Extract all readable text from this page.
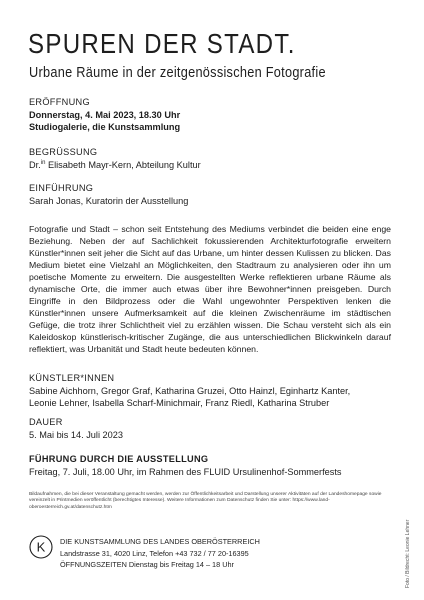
SPUREN DER STADT.
Urbane Räume in der zeitgenössischen Fotografie
ERÖFFNUNG
Donnerstag, 4. Mai 2023, 18.30 Uhr
Studiogalerie, die Kunstsammlung
BEGRÜSSUNG
Dr.$^{in}$ Elisabeth Mayr-Kern, Abteilung Kultur
EINFÜHRUNG
Sarah Jonas, Kuratorin der Ausstellung
Fotografie und Stadt – schon seit Entstehung des Mediums verbindet die beiden eine enge Beziehung. Neben der auf Sachlichkeit fokussierenden Architekturfotografie erweitern Künstler*innen seit jeher die Sicht auf das Urbane, um hinter dessen Kulissen zu blicken. Das Medium bietet eine Vielzahl an Möglichkeiten, den Stadtraum zu analysieren oder ihn um poetische Momente zu erweitern. Die ausgestellten Werke reflektieren urbane Räume als dynamische Orte, die immer auch etwas über ihre Bewohner*innen preisgeben. Durch Eingriffe in den Bildprozess oder die Wahl ungewohnter Perspektiven lenken die Künstler*innen unsere Aufmerksamkeit auf die kleinen Zwischenräume im städtischen Gefüge, die trotz ihrer Schlichtheit viel zu erzählen wissen. Die Schau versteht sich als ein Kaleidoskop künstlerisch-kritischer Zugänge, die aus unterschiedlichen Blickwinkeln darauf reflektiert, was Urbanität und Stadt heute bedeuten können.
KÜNSTLER*INNEN
Sabine Aichhorn, Gregor Graf, Katharina Gruzei, Otto Hainzl, Eginhartz Kanter,
Leonie Lehner, Isabella Scharf-Minichmair, Franz Riedl, Katharina Struber
DAUER
5. Mai bis 14. Juli 2023
FÜHRUNG DURCH DIE AUSSTELLUNG
Freitag, 7. Juli, 18.00 Uhr, im Rahmen des FLUID Ursulinenhof-Sommerfests
Bildaufnahmen, die bei dieser Veranstaltung gemacht werden, werden zur Öffentlichkeitsarbeit und Darstellung unserer Aktivitäten auf der Landeshomepage sowie vereinzelt in Printmedien veröffentlicht (berechtigtes Interesse). Weitere Informationen zum Datenschutz finden Sie unter: https://www.land-oberoesterreich.gv.at/datenschutz.htm
K DIE KUNSTSAMMLUNG DES LANDES OBERÖSTERREICH
Landstrasse 31, 4020 Linz, Telefon +43 732 / 77 20-16395
ÖFFNUNGSZEITEN Dienstag bis Freitag 14 – 18 Uhr	Foto / Bildrecht: Leonie Lehner
